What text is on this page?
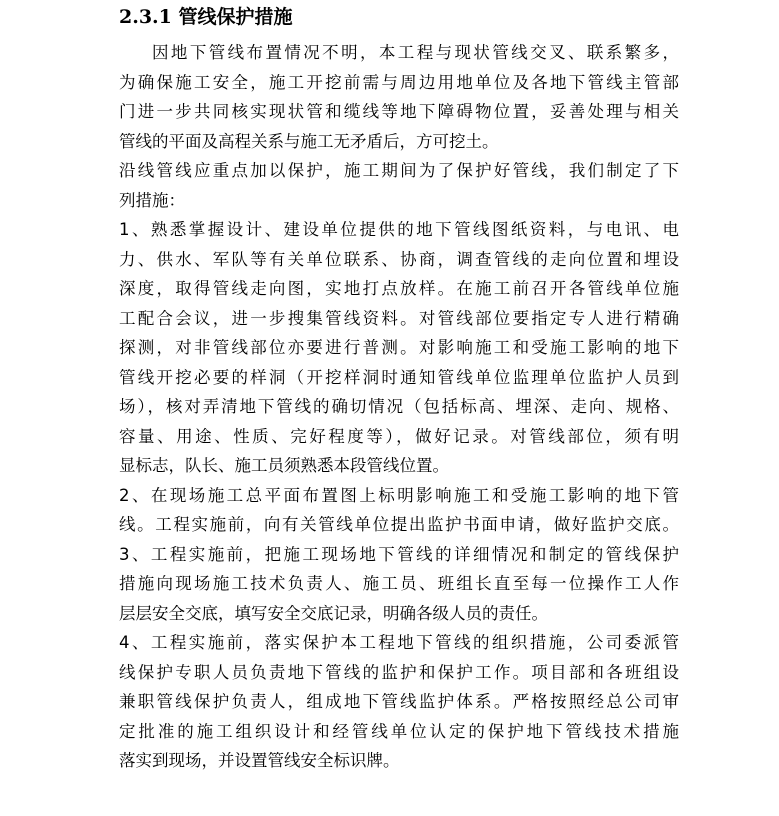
2.3.1 管线保护措施
因地下管线布置情况不明，本工程与现状管线交叉、联系繁多，
为确保施工安全，施工开挖前需与周边用地单位及各地下管线主管部
门进一步共同核实现状管和缆线等地下障碍物位置，妥善处理与相关
管线的平面及高程关系与施工无矛盾后，方可挖土。
沿线管线应重点加以保护，施工期间为了保护好管线，我们制定了下
列措施：
1、熟悉掌握设计、建设单位提供的地下管线图纸资料，与电讯、电
力、供水、军队等有关单位联系、协商，调查管线的走向位置和埋设
深度，取得管线走向图，实地打点放样。在施工前召开各管线单位施
工配合会议，进一步搜集管线资料。对管线部位要指定专人进行精确
探测，对非管线部位亦要进行普测。对影响施工和受施工影响的地下
管线开挖必要的样洞（开挖样洞时通知管线单位监理单位监护人员到
场），核对弄清地下管线的确切情况（包括标高、埋深、走向、规格、
容量、用途、性质、完好程度等），做好记录。对管线部位，须有明
显标志，队长、施工员须熟悉本段管线位置。
2、在现场施工总平面布置图上标明影响施工和受施工影响的地下管
线。工程实施前，向有关管线单位提出监护书面申请，做好监护交底。
3、工程实施前，把施工现场地下管线的详细情况和制定的管线保护
措施向现场施工技术负责人、施工员、班组长直至每一位操作工人作
层层安全交底，填写安全交底记录，明确各级人员的责任。
4、工程实施前，落实保护本工程地下管线的组织措施，公司委派管
线保护专职人员负责地下管线的监护和保护工作。项目部和各班组设
兼职管线保护负责人，组成地下管线监护体系。严格按照经总公司审
定批准的施工组织设计和经管线单位认定的保护地下管线技术措施
落实到现场，并设置管线安全标识牌。
